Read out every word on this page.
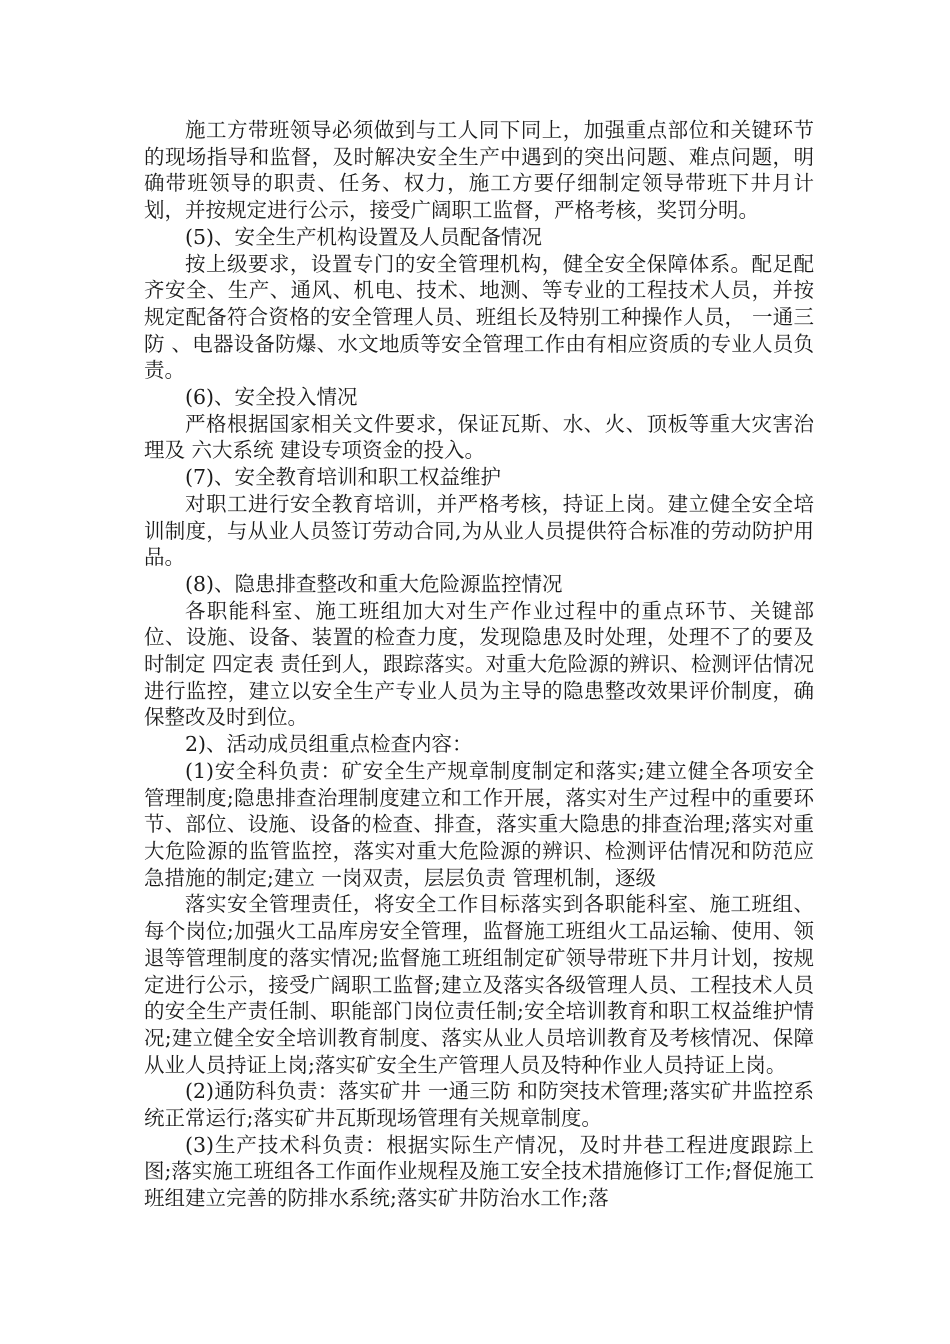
施工方带班领导必须做到与工人同下同上，加强重点部位和关键环节的现场指导和监督，及时解决安全生产中遇到的突出问题、难点问题，明确带班领导的职责、任务、权力，施工方要仔细制定领导带班下井月计划，并按规定进行公示，接受广阔职工监督，严格考核，奖罚分明。

(5)、安全生产机构设置及人员配备情况

按上级要求，设置专门的安全管理机构，健全安全保障体系。配足配齐安全、生产、通风、机电、技术、地测、等专业的工程技术人员，并按规定配备符合资格的安全管理人员、班组长及特别工种操作人员， 一通三防 、电器设备防爆、水文地质等安全管理工作由有相应资质的专业人员负责。

(6)、安全投入情况

严格根据国家相关文件要求，保证瓦斯、水、火、顶板等重大灾害治理及 六大系统 建设专项资金的投入。

(7)、安全教育培训和职工权益维护

对职工进行安全教育培训，并严格考核，持证上岗。建立健全安全培训制度，与从业人员签订劳动合同,为从业人员提供符合标准的劳动防护用品。

(8)、隐患排查整改和重大危险源监控情况

各职能科室、施工班组加大对生产作业过程中的重点环节、关键部位、设施、设备、装置的检查力度，发现隐患及时处理，处理不了的要及时制定 四定表 责任到人，跟踪落实。对重大危险源的辨识、检测评估情况进行监控，建立以安全生产专业人员为主导的隐患整改效果评价制度，确保整改及时到位。

2)、活动成员组重点检查内容：

(1)安全科负责：矿安全生产规章制度制定和落实;建立健全各项安全管理制度;隐患排查治理制度建立和工作开展，落实对生产过程中的重要环节、部位、设施、设备的检查、排查，落实重大隐患的排查治理;落实对重大危险源的监管监控，落实对重大危险源的辨识、检测评估情况和防范应急措施的制定;建立 一岗双责，层层负责 管理机制，逐级

落实安全管理责任，将安全工作目标落实到各职能科室、施工班组、每个岗位;加强火工品库房安全管理，监督施工班组火工品运输、使用、领退等管理制度的落实情况;监督施工班组制定矿领导带班下井月计划，按规定进行公示，接受广阔职工监督;建立及落实各级管理人员、工程技术人员的安全生产责任制、职能部门岗位责任制;安全培训教育和职工权益维护情况;建立健全安全培训教育制度、落实从业人员培训教育及考核情况、保障从业人员持证上岗;落实矿安全生产管理人员及特种作业人员持证上岗。

(2)通防科负责：落实矿井 一通三防 和防突技术管理;落实矿井监控系统正常运行;落实矿井瓦斯现场管理有关规章制度。

(3)生产技术科负责：根据实际生产情况，及时井巷工程进度跟踪上图;落实施工班组各工作面作业规程及施工安全技术措施修订工作;督促施工班组建立完善的防排水系统;落实矿井防治水工作;落
